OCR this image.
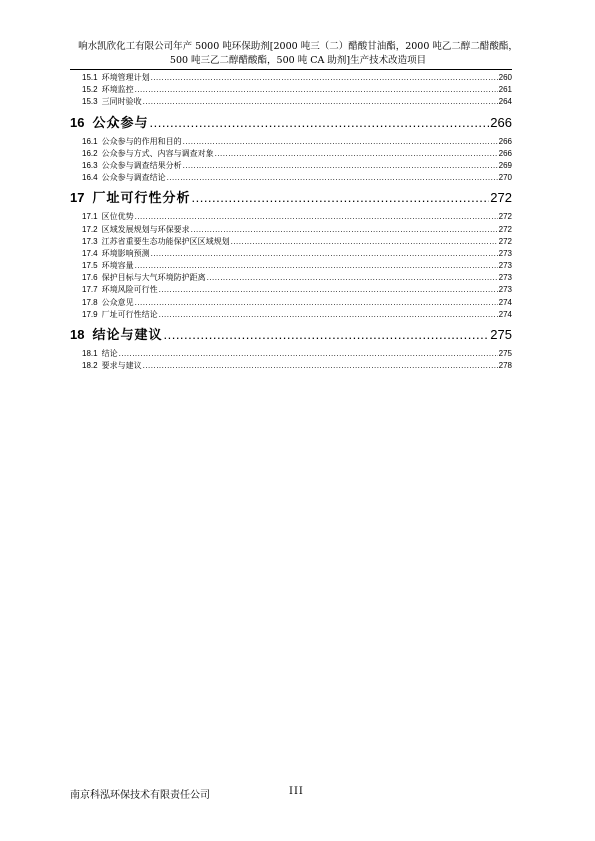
响水凯欣化工有限公司年产 5000 吨环保助剂[2000 吨三（二）醋酸甘油酯，2000 吨乙二醇二醋酸酯，
500 吨三乙二醇醋酸酯，500 吨 CA 助剂]生产技术改造项目
15.1 环境管理计划 .....	260
15.2 环境监控 .....	261
15.3 三同时验收 .....	264
16 公众参与 .....	266
16.1 公众参与的作用和目的 .....	266
16.2 公众参与方式、内容与调查对象 .....	266
16.3 公众参与调查结果分析 .....	269
16.4 公众参与调查结论 .....	270
17 厂址可行性分析 .....	272
17.1 区位优势 .....	272
17.2 区域发展规划与环保要求 .....	272
17.3 江苏省重要生态功能保护区区域规划 .....	272
17.4 环境影响预测 .....	273
17.5 环境容量 .....	273
17.6 保护目标与大气环境防护距离 .....	273
17.7 环境风险可行性 .....	273
17.8 公众意见 .....	274
17.9 厂址可行性结论 .....	274
18 结论与建议 .....	275
18.1 结论 .....	275
18.2 要求与建议 .....	278
南京科泓环保技术有限责任公司	III
